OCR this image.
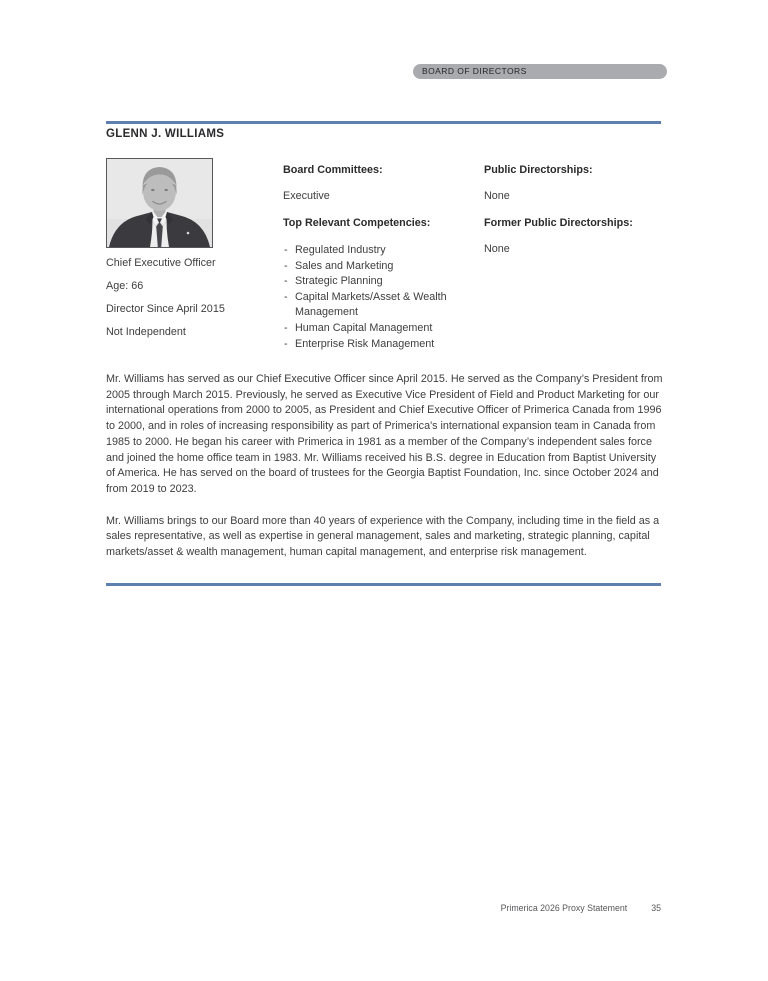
BOARD OF DIRECTORS
GLENN J. WILLIAMS
Chief Executive Officer
Age: 66
Director Since April 2015
Not Independent
Board Committees:
Executive
Top Relevant Competencies:
- Regulated Industry
- Sales and Marketing
- Strategic Planning
- Capital Markets/Asset & Wealth Management
- Human Capital Management
- Enterprise Risk Management
Public Directorships:
None
Former Public Directorships:
None

Mr. Williams has served as our Chief Executive Officer since April 2015. He served as the Company’s President from 2005 through March 2015. Previously, he served as Executive Vice President of Field and Product Marketing for our international operations from 2000 to 2005, as President and Chief Executive Officer of Primerica Canada from 1996 to 2000, and in roles of increasing responsibility as part of Primerica's international expansion team in Canada from 1985 to 2000. He began his career with Primerica in 1981 as a member of the Company’s independent sales force and joined the home office team in 1983. Mr. Williams received his B.S. degree in Education from Baptist University of America. He has served on the board of trustees for the Georgia Baptist Foundation, Inc. since October 2024 and from 2019 to 2023.

Mr. Williams brings to our Board more than 40 years of experience with the Company, including time in the field as a sales representative, as well as expertise in general management, sales and marketing, strategic planning, capital markets/asset & wealth management, human capital management, and enterprise risk management.

Primerica 2026 Proxy Statement	35
